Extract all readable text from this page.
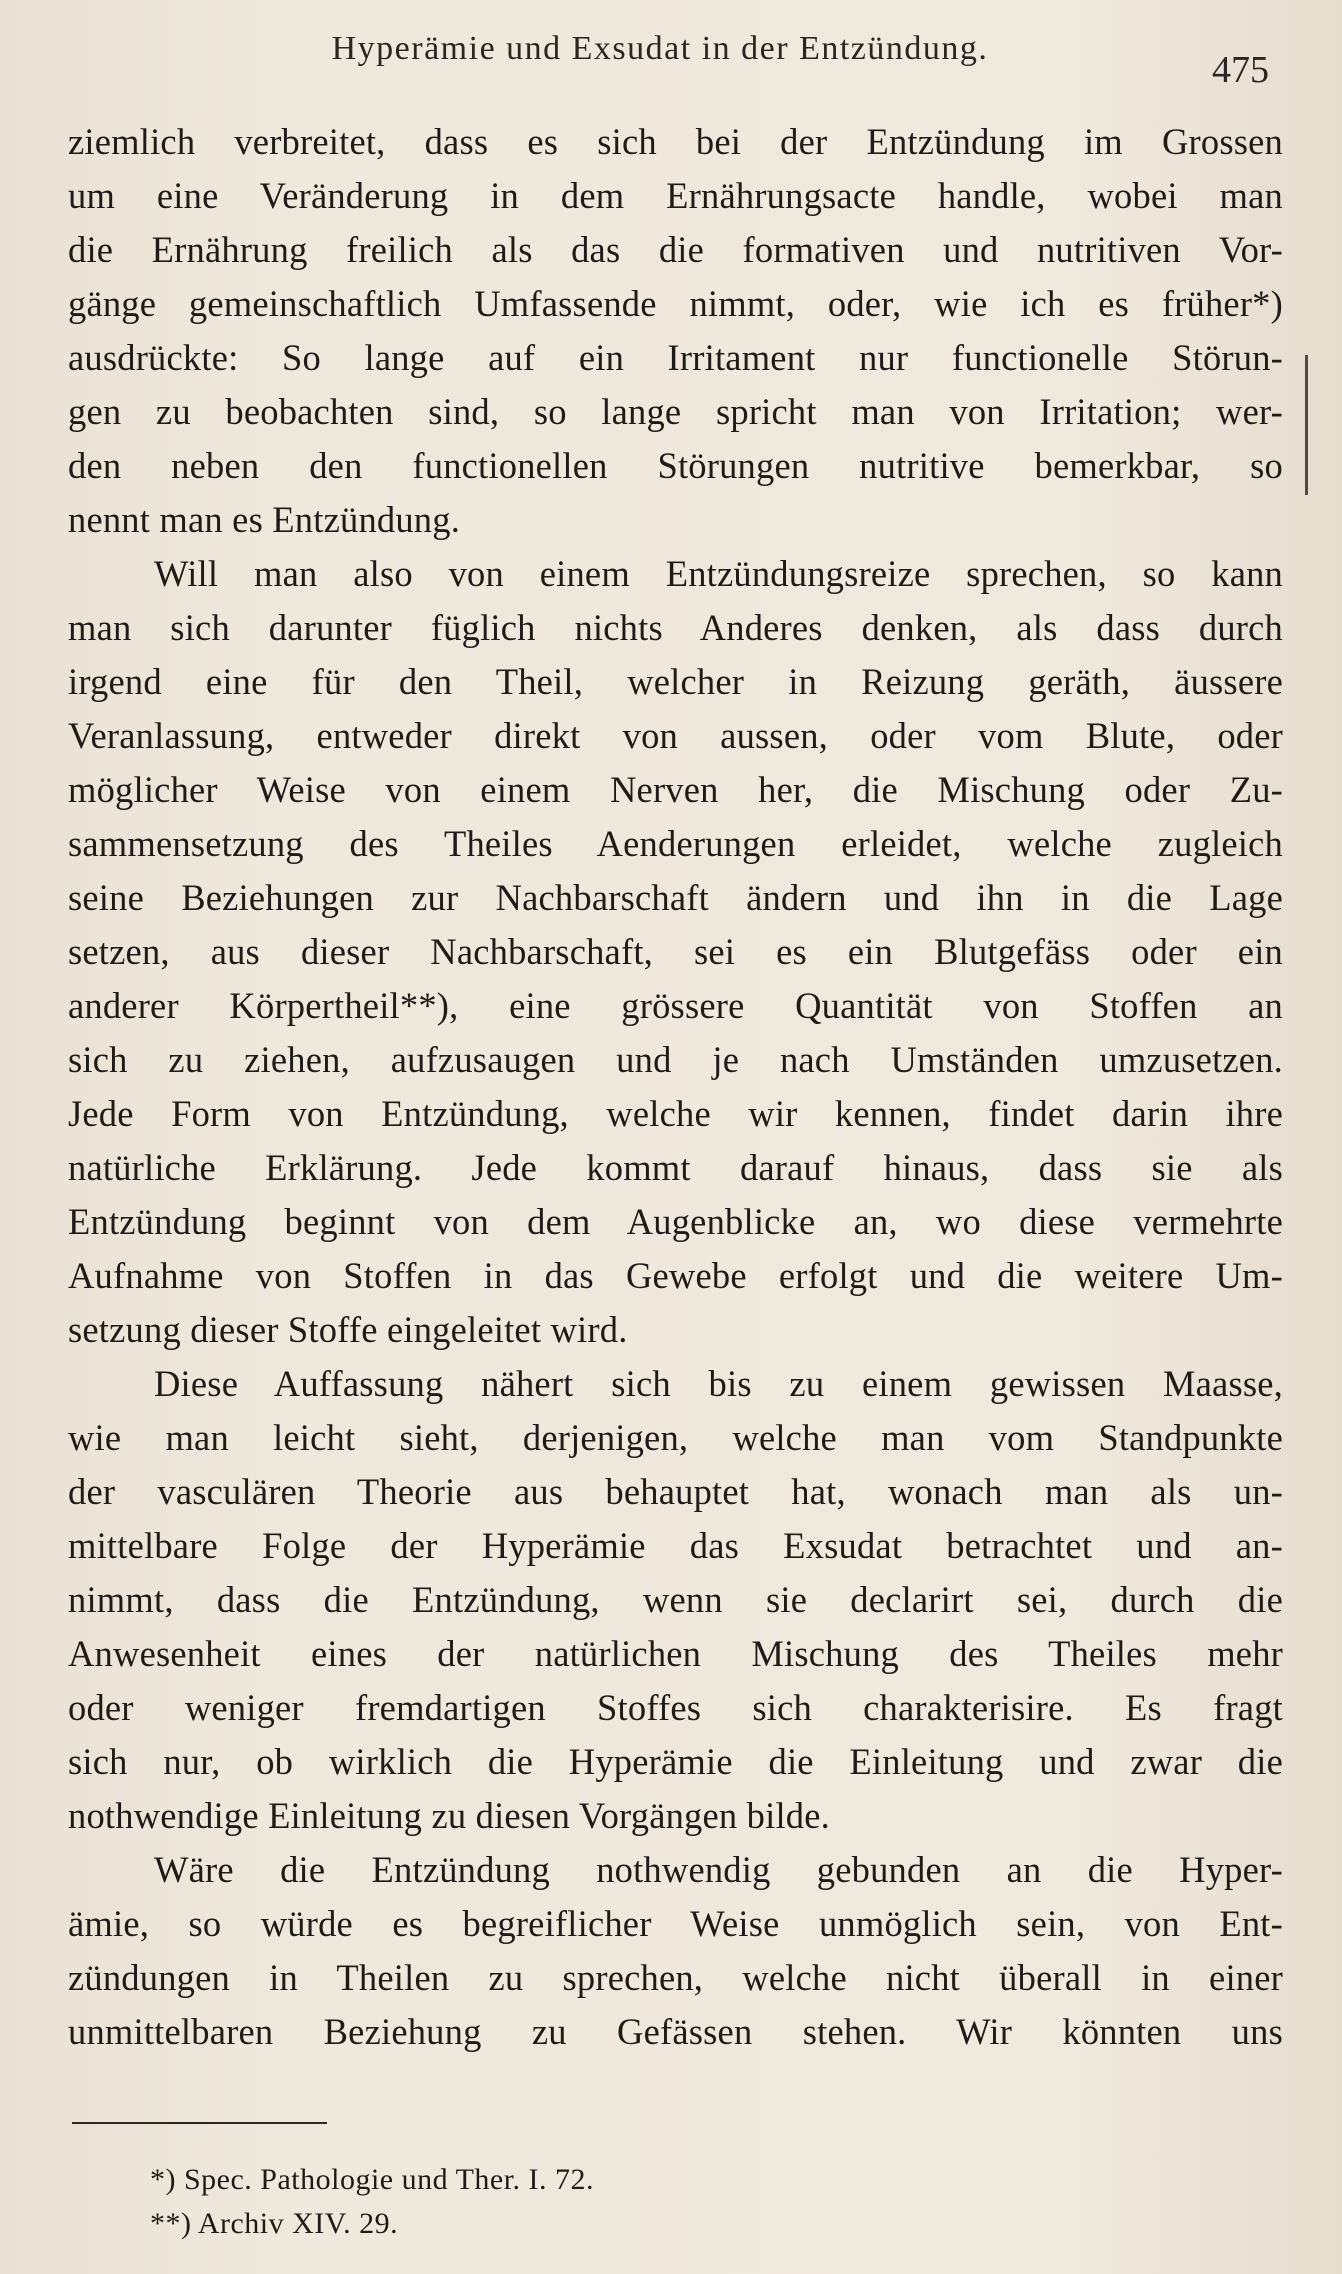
Hyperämie und Exsudat in der Entzündung.
475
ziemlich verbreitet, dass es sich bei der Entzündung im Grossen
um eine Veränderung in dem Ernährungsacte handle, wobei man
die Ernährung freilich als das die formativen und nutritiven Vor-
gänge gemeinschaftlich Umfassende nimmt, oder, wie ich es früher*)
ausdrückte: So lange auf ein Irritament nur functionelle Störun-
gen zu beobachten sind, so lange spricht man von Irritation; wer-
den neben den functionellen Störungen nutritive bemerkbar, so
nennt man es Entzündung.
Will man also von einem Entzündungsreize sprechen, so kann
man sich darunter füglich nichts Anderes denken, als dass durch
irgend eine für den Theil, welcher in Reizung geräth, äussere
Veranlassung, entweder direkt von aussen, oder vom Blute, oder
möglicher Weise von einem Nerven her, die Mischung oder Zu-
sammensetzung des Theiles Aenderungen erleidet, welche zugleich
seine Beziehungen zur Nachbarschaft ändern und ihn in die Lage
setzen, aus dieser Nachbarschaft, sei es ein Blutgefäss oder ein
anderer Körpertheil**), eine grössere Quantität von Stoffen an
sich zu ziehen, aufzusaugen und je nach Umständen umzusetzen.
Jede Form von Entzündung, welche wir kennen, findet darin ihre
natürliche Erklärung. Jede kommt darauf hinaus, dass sie als
Entzündung beginnt von dem Augenblicke an, wo diese vermehrte
Aufnahme von Stoffen in das Gewebe erfolgt und die weitere Um-
setzung dieser Stoffe eingeleitet wird.
Diese Auffassung nähert sich bis zu einem gewissen Maasse,
wie man leicht sieht, derjenigen, welche man vom Standpunkte
der vasculären Theorie aus behauptet hat, wonach man als un-
mittelbare Folge der Hyperämie das Exsudat betrachtet und an-
nimmt, dass die Entzündung, wenn sie declarirt sei, durch die
Anwesenheit eines der natürlichen Mischung des Theiles mehr
oder weniger fremdartigen Stoffes sich charakterisire. Es fragt
sich nur, ob wirklich die Hyperämie die Einleitung und zwar die
nothwendige Einleitung zu diesen Vorgängen bilde.
Wäre die Entzündung nothwendig gebunden an die Hyper-
ämie, so würde es begreiflicher Weise unmöglich sein, von Ent-
zündungen in Theilen zu sprechen, welche nicht überall in einer
unmittelbaren Beziehung zu Gefässen stehen. Wir könnten uns
*) Spec. Pathologie und Ther. I. 72.
**) Archiv XIV. 29.
